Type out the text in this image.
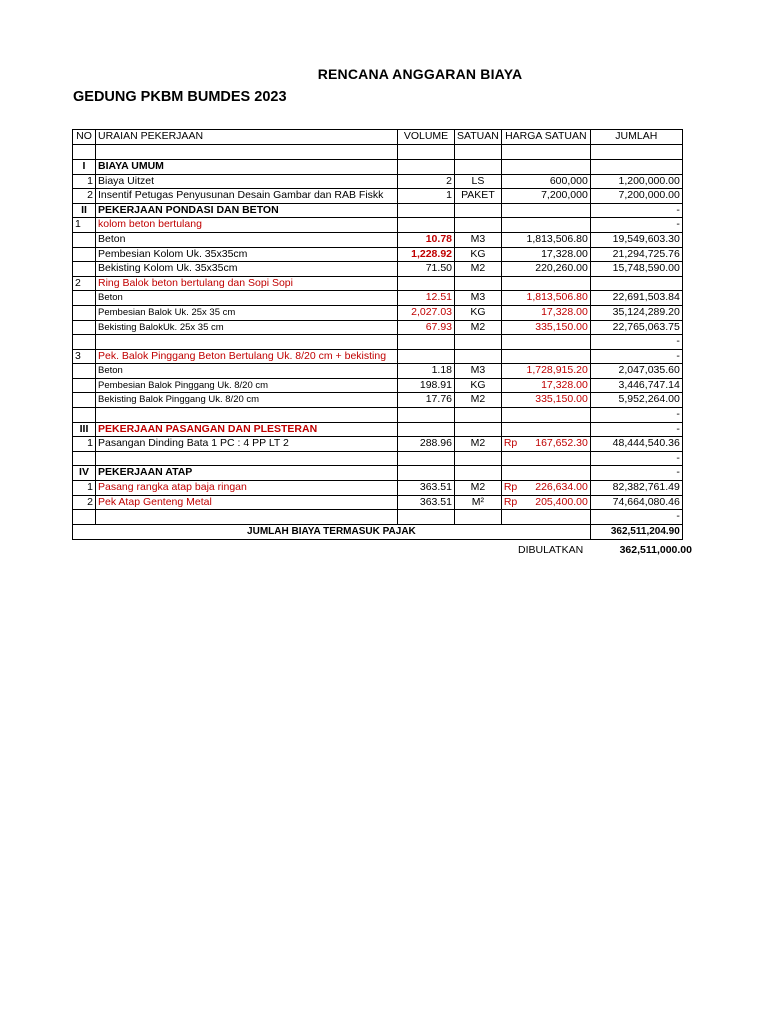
RENCANA ANGGARAN BIAYA
GEDUNG PKBM BUMDES 2023
NO	URAIAN PEKERJAAN	VOLUME	SATUAN	HARGA SATUAN	JUMLAH

I	BIAYA UMUM				
1	Biaya Uitzet	2	LS	600,000	1,200,000.00
2	Insentif Petugas Penyusunan Desain Gambar dan RAB Fiskk	1	PAKET	7,200,000	7,200,000.00
II	PEKERJAAN PONDASI DAN BETON				-
1	kolom beton bertulang				-
	Beton	10.78	M3	1,813,506.80	19,549,603.30
	Pembesian Kolom Uk. 35x35cm	1,228.92	KG	17,328.00	21,294,725.76
	Bekisting Kolom Uk. 35x35cm	71.50	M2	220,260.00	15,748,590.00
2	Ring Balok beton bertulang dan Sopi Sopi				
	Beton	12.51	M3	1,813,506.80	22,691,503.84
	Pembesian Balok Uk. 25x 35 cm	2,027.03	KG	17,328.00	35,124,289.20
	Bekisting BalokUk. 25x 35 cm	67.93	M2	335,150.00	22,765,063.75
					-
3	Pek. Balok Pinggang Beton Bertulang Uk. 8/20 cm + bekisting				-
	Beton	1.18	M3	1,728,915.20	2,047,035.60
	Pembesian Balok Pinggang Uk. 8/20 cm	198.91	KG	17,328.00	3,446,747.14
	Bekisting Balok Pinggang Uk. 8/20 cm	17.76	M2	335,150.00	5,952,264.00
					-
III	PEKERJAAN PASANGAN DAN PLESTERAN				-
1	Pasangan Dinding Bata 1 PC : 4 PP LT 2	288.96	M2	Rp 167,652.30	48,444,540.36
					-
IV	PEKERJAAN ATAP				-
1	Pasang rangka atap baja ringan	363.51	M2	Rp 226,634.00	82,382,761.49
2	Pek Atap Genteng Metal	363.51	M²	Rp 205,400.00	74,664,080.46
					-
JUMLAH BIAYA TERMASUK PAJAK					362,511,204.90
DIBULATKAN	362,511,000.00
